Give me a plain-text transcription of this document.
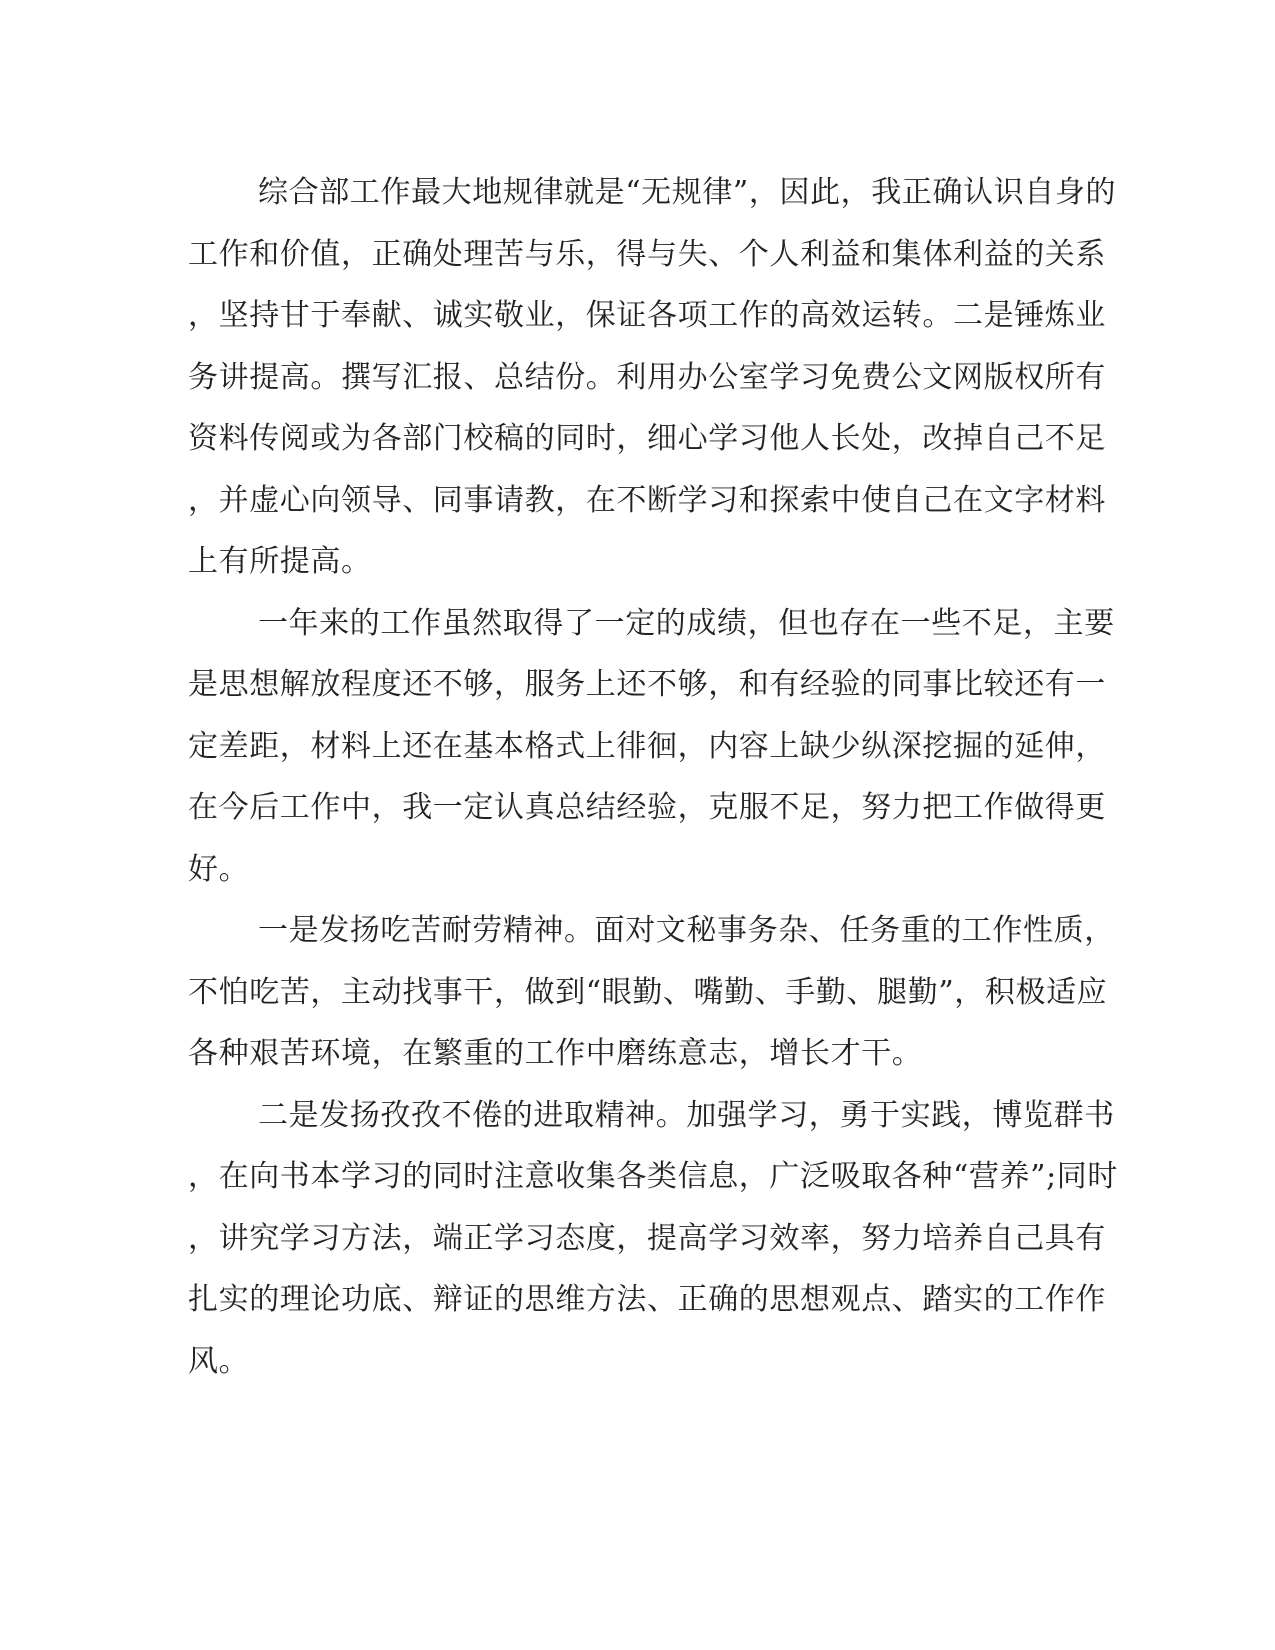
综合部工作最大地规律就是“无规律”，因此，我正确认识自身的
工作和价值，正确处理苦与乐，得与失、个人利益和集体利益的关系
，坚持甘于奉献、诚实敬业，保证各项工作的高效运转。二是锤炼业
务讲提高。撰写汇报、总结份。利用办公室学习免费公文网版权所有
资料传阅或为各部门校稿的同时，细心学习他人长处，改掉自己不足
，并虚心向领导、同事请教，在不断学习和探索中使自己在文字材料
上有所提高。
一年来的工作虽然取得了一定的成绩，但也存在一些不足，主要
是思想解放程度还不够，服务上还不够，和有经验的同事比较还有一
定差距，材料上还在基本格式上徘徊，内容上缺少纵深挖掘的延伸，
在今后工作中，我一定认真总结经验，克服不足，努力把工作做得更
好。
一是发扬吃苦耐劳精神。面对文秘事务杂、任务重的工作性质，
不怕吃苦，主动找事干，做到“眼勤、嘴勤、手勤、腿勤”，积极适应
各种艰苦环境，在繁重的工作中磨练意志，增长才干。
二是发扬孜孜不倦的进取精神。加强学习，勇于实践，博览群书
，在向书本学习的同时注意收集各类信息，广泛吸取各种“营养”;同时
，讲究学习方法，端正学习态度，提高学习效率，努力培养自己具有
扎实的理论功底、辩证的思维方法、正确的思想观点、踏实的工作作
风。
